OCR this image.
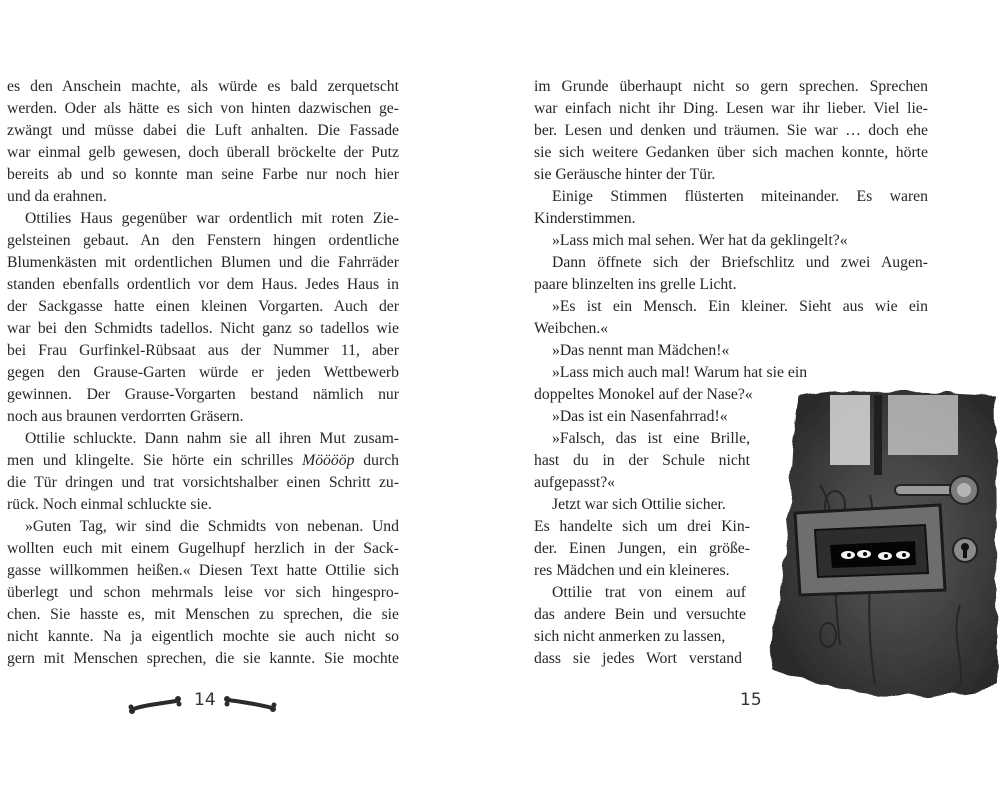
es den Anschein machte, als würde es bald zerquetscht
werden. Oder als hätte es sich von hinten dazwischen ge-
zwängt und müsse dabei die Luft anhalten. Die Fassade
war einmal gelb gewesen, doch überall bröckelte der Putz
bereits ab und so konnte man seine Farbe nur noch hier
und da erahnen.
Ottilies Haus gegenüber war ordentlich mit roten Zie-
gelsteinen gebaut. An den Fenstern hingen ordentliche
Blumenkästen mit ordentlichen Blumen und die Fahrräder
standen ebenfalls ordentlich vor dem Haus. Jedes Haus in
der Sackgasse hatte einen kleinen Vorgarten. Auch der
war bei den Schmidts tadellos. Nicht ganz so tadellos wie
bei Frau Gurfinkel-Rübsaat aus der Nummer 11, aber
gegen den Grause-Garten würde er jeden Wettbewerb
gewinnen. Der Grause-Vorgarten bestand nämlich nur
noch aus braunen verdorrten Gräsern.
Ottilie schluckte. Dann nahm sie all ihren Mut zusam-
men und klingelte. Sie hörte ein schrilles Mööööp durch
die Tür dringen und trat vorsichtshalber einen Schritt zu-
rück. Noch einmal schluckte sie.
»Guten Tag, wir sind die Schmidts von nebenan. Und
wollten euch mit einem Gugelhupf herzlich in der Sack-
gasse willkommen heißen.« Diesen Text hatte Ottilie sich
überlegt und schon mehrmals leise vor sich hingespro-
chen. Sie hasste es, mit Menschen zu sprechen, die sie
nicht kannte. Na ja eigentlich mochte sie auch nicht so
gern mit Menschen sprechen, die sie kannte. Sie mochte
14
im Grunde überhaupt nicht so gern sprechen. Sprechen
war einfach nicht ihr Ding. Lesen war ihr lieber. Viel lie-
ber. Lesen und denken und träumen. Sie war … doch ehe
sie sich weitere Gedanken über sich machen konnte, hörte
sie Geräusche hinter der Tür.
Einige Stimmen flüsterten miteinander. Es waren
Kinderstimmen.
»Lass mich mal sehen. Wer hat da geklingelt?«
Dann öffnete sich der Briefschlitz und zwei Augen-
paare blinzelten ins grelle Licht.
»Es ist ein Mensch. Ein kleiner. Sieht aus wie ein
Weibchen.«
»Das nennt man Mädchen!«
»Lass mich auch mal! Warum hat sie ein
doppeltes Monokel auf der Nase?«
»Das ist ein Nasenfahrrad!«
»Falsch, das ist eine Brille,
hast du in der Schule nicht
aufgepasst?«
Jetzt war sich Ottilie sicher.
Es handelte sich um drei Kin-
der. Einen Jungen, ein größe-
res Mädchen und ein kleineres.
Ottilie trat von einem auf
das andere Bein und versuchte
sich nicht anmerken zu lassen,
dass sie jedes Wort verstand
15
